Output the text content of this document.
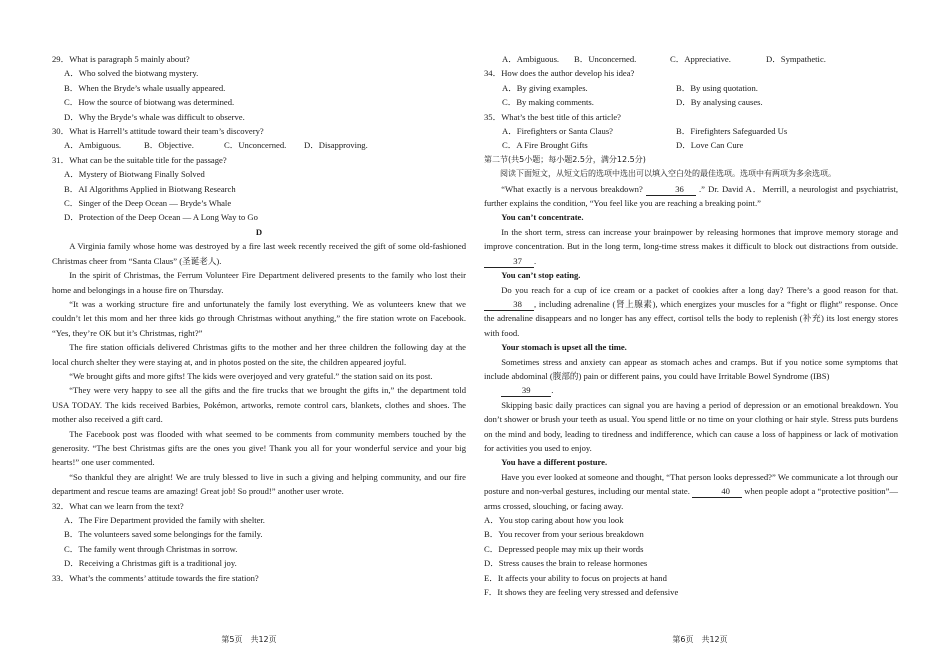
29．What is paragraph 5 mainly about?
A．Who solved the biotwang mystery.
B．When the Bryde’s whale usually appeared.
C．How the source of biotwang was determined.
D．Why the Bryde’s whale was difficult to observe.
30．What is Harrell’s attitude toward their team’s discovery?
A．Ambiguous.	B．Objective.	C．Unconcerned.	D．Disapproving.
31．What can be the suitable title for the passage?
A．Mystery of Biotwang Finally Solved
B．AI Algorithms Applied in Biotwang Research
C．Singer of the Deep Ocean — Bryde’s Whale
D．Protection of the Deep Ocean — A Long Way to Go
D

A Virginia family whose home was destroyed by a fire last week recently received the gift of some old-fashioned Christmas cheer from “Santa Claus” (圣诞老人).

In the spirit of Christmas, the Ferrum Volunteer Fire Department delivered presents to the family who lost their home and belongings in a house fire on Thursday.

“It was a working structure fire and unfortunately the family lost everything. We as volunteers knew that we couldn’t let this mom and her three kids go through Christmas without anything,” the fire station wrote on Facebook. “Yes, they’re OK but it’s Christmas, right?”

The fire station officials delivered Christmas gifts to the mother and her three children the following day at the local church shelter they were staying at, and in photos posted on the site, the children appeared joyful.

“We brought gifts and more gifts! The kids were overjoyed and very grateful.” the station said on its post.

“They were very happy to see all the gifts and the fire trucks that we brought the gifts in,” the department told USA TODAY. The kids received Barbies, Pokémon, artworks, remote control cars, blankets, clothes and shoes. The mother also received a gift card.

The Facebook post was flooded with what seemed to be comments from community members touched by the generosity. “The best Christmas gifts are the ones you give! Thank you all for your wonderful service and your big hearts!” one user commented.

“So thankful they are alright! We are truly blessed to live in such a giving and helping community, and our fire department and rescue teams are amazing! Great job! So proud!” another user wrote.

32．What can we learn from the text?
A．The Fire Department provided the family with shelter.
B．The volunteers saved some belongings for the family.
C．The family went through Christmas in sorrow.
D．Receiving a Christmas gift is a traditional joy.
33．What’s the comments’ attitude towards the fire station?
A．Ambiguous.	B．Unconcerned.	C．Appreciative.	D．Sympathetic.
34．How does the author develop his idea?
A．By giving examples.	B．By using quotation.
C．By making comments.	D．By analysing causes.
35．What’s the best title of this article?
A．Firefighters or Santa Claus?	B．Firefighters Safeguarded Us
C．A Fire Brought Gifts	D．Love Can Cure
第二节(共5小题；每小题2.5分，满分12.5分)
阅读下面短文，从短文后的选项中选出可以填入空白处的最佳选项。选项中有两项为多余选项。

“What exactly is a nervous breakdown?	36 .” Dr. David A．Merrill, a neurologist and psychiatrist, further explains the condition, “You feel like you are reaching a breaking point.”

You can’t concentrate.

In the short term, stress can increase your brainpower by releasing hormones that improve memory storage and improve concentration. But in the long term, long-time stress makes it difficult to block out distractions from outside. 37 .

You can’t stop eating.

Do you reach for a cup of ice cream or a packet of cookies after a long day? There’s a good reason for that. 38 , including adrenaline (肾上腺素), which energizes your muscles for a “fight or flight” response. Once the adrenaline disappears and no longer has any effect, cortisol tells the body to replenish (补充) its lost energy stores with food.

Your stomach is upset all the time.

Sometimes stress and anxiety can appear as stomach aches and cramps. But if you notice some symptoms that include abdominal (腹部的) pain or different pains, you could have Irritable Bowel Syndrome (IBS)

39 .

Skipping basic daily practices can signal you are having a period of depression or an emotional breakdown. You don’t shower or brush your teeth as usual. You spend little or no time on your clothing or hair style. Stress puts burdens on the mind and body, leading to tiredness and indifference, which can cause a loss of happiness or lack of motivation for activities you used to enjoy.

You have a different posture.

Have you ever looked at someone and thought, “That person looks depressed?” We communicate a lot through our posture and non-verbal gestures, including our mental state.	40 when people adopt a “protective position”—arms crossed, slouching, or facing away.

A．You stop caring about how you look
B．You recover from your serious breakdown
C．Depressed people may mix up their words
D．Stress causes the brain to release hormones
E．It affects your ability to focus on projects at hand
F．It shows they are feeling very stressed and defensive
第5页　共12页	第6页　共12页
